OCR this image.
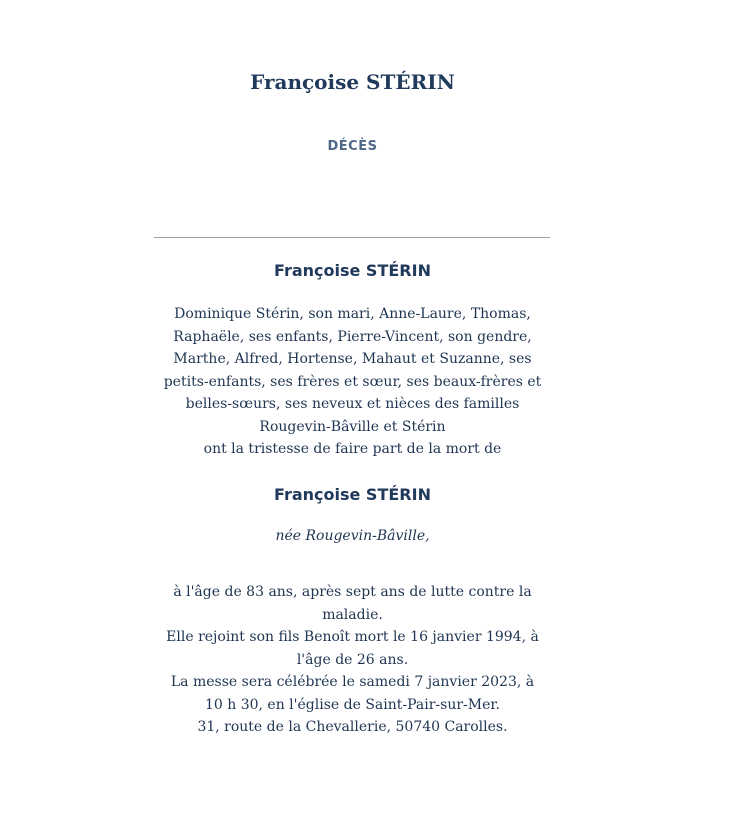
Françoise STÉRIN
DÉCÈS
Françoise STÉRIN
Dominique Stérin, son mari, Anne-Laure, Thomas,
Raphaële, ses enfants, Pierre-Vincent, son gendre,
Marthe, Alfred, Hortense, Mahaut et Suzanne, ses
petits-enfants, ses frères et sœur, ses beaux-frères et
belles-sœurs, ses neveux et nièces des familles
Rougevin-Bâville et Stérin
ont la tristesse de faire part de la mort de
Françoise STÉRIN
née Rougevin-Bâville,
à l'âge de 83 ans, après sept ans de lutte contre la
maladie.
Elle rejoint son fils Benoît mort le 16 janvier 1994, à
l'âge de 26 ans.
La messe sera célébrée le samedi 7 janvier 2023, à
10 h 30, en l'église de Saint-Pair-sur-Mer.
31, route de la Chevallerie, 50740 Carolles.
